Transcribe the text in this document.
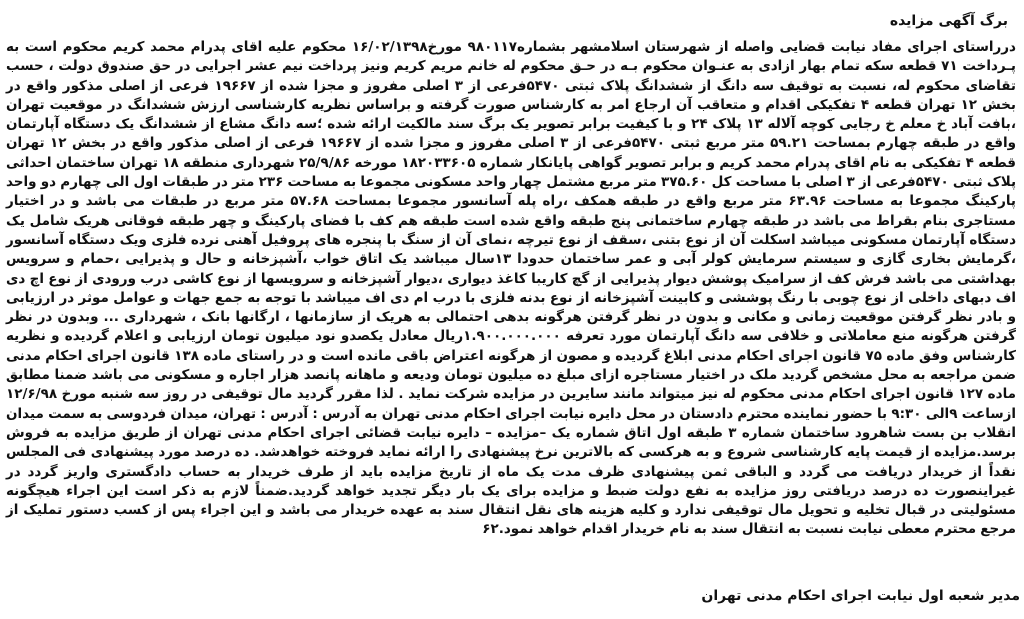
برگ آگهی مزایده

درراستای اجرای مفاد نیابت قضایی واصله از شهرستان اسلامشهر بشماره۹۸۰۱۱۷ مورخ۱۶/۰۲/۱۳۹۸ محکوم علیه اقای پدرام محمد کریم محکوم است به پـرداخت ۷۱ قطعه سکه تمام بهار ازادی به عنـوان محکوم بـه در حـق محکوم له خانم مریم کریم ونیز پرداخت نیم عشر اجرایی در حق صندوق دولت ، حسب تقاضای محکوم له، نسبت به توقیف سه دانگ از ششدانگ پلاک ثبتی ۵۴۷۰فرعی از ۳ اصلی مفروز و مجزا شده از ۱۹۶۶۷ فرعی از اصلی مذکور واقع در بخش ۱۲ تهران قطعه ۴ تفکیکی اقدام و متعاقب آن ارجاع امر به کارشناس صورت گرفته و براساس نظریه کارشناسی ارزش ششدانگ در موقعیت تهران ،بافت آباد خ معلم خ رجایی کوچه آلاله ۱۳ پلاک ۲۴ و با کیفیت برابر تصویر یک برگ سند مالکیت ارائه شده ؛سه دانگ مشاع از ششدانگ یک دستگاه آپارتمان واقع در طبقه چهارم بمساحت ۵۹.۲۱ متر مربع ثبتی ۵۴۷۰فرعی از ۳ اصلی مفروز و مجزا شده از ۱۹۶۶۷ فرعی از اصلی مذکور واقع در بخش ۱۲ تهران قطعه ۴ تفکیکی به نام اقای پدرام محمد کریم و برابر تصویر گواهی پایانکار شماره ۱۸۲۰۳۳۶۰۵ مورخه ۲۵/۹/۸۶ شهرداری منطقه ۱۸ تهران ساختمان احداثی پلاک ثبتی ۵۴۷۰فرعی از ۳ اصلی با مساحت کل ۳۷۵.۶۰ متر مربع مشتمل چهار واحد مسکونی مجموعا به مساحت ۲۳۶ متر در طبقات اول الی چهارم دو واحد پارکینگ مجموعا به مساحت ۶۳.۹۶ متر مربع واقع در طبقه همکف ،راه پله آسانسور مجموعا بمساحت ۵۷.۶۸ متر مربع در طبقات می باشد و در اختیار مستاجری بنام بقراط می باشد در طبقه چهارم ساختمانی پنج طبقه واقع شده است طبقه هم کف با فضای پارکینگ و چهر طبقه فوقانی هریک شامل یک دستگاه آپارتمان مسکونی میباشد اسکلت آن از نوع بتنی ،سقف از نوع تیرچه ،نمای آن از سنگ با پنجره های پروفیل آهنی نرده فلزی ویک دستگاه آسانسور ،گرمایش بخاری گازی و سیستم سرمایش کولر آبی و عمر ساختمان حدودا ۱۳سال میباشد یک اتاق خواب ،آشپزخانه و حال و پذیرایی ،حمام و سرویس بهداشتی می باشد فرش کف از سرامیک پوشش دیوار پذیرایی از گچ کاریبا کاغذ دیواری ،دیوار آشپزخانه و سرویسها از نوع کاشی درب ورودی از نوع اچ دی اف دبهای داخلی از نوع چوبی با رنگ پوششی و کابینت آشپزخانه از نوع بدنه فلزی با درب ام دی اف میباشد با توجه به جمع جهات و عوامل موثر در ارزیابی و بادر نظر گرفتن موقعیت زمانی و مکانی و بدون در نظر گرفتن هرگونه بدهی احتمالی به هریک از سازمانها ، ارگانها بانک ، شهرداری ... وبدون در نظر گرفتن هرگونه منع معاملاتی و خلافی سه دانگ آپارتمان مورد تعرفه ۱.۹۰۰.۰۰۰.۰۰۰ریال معادل یکصدو نود میلیون تومان ارزیابی و اعلام گردیده و نظریه کارشناس وفق ماده ۷۵ قانون اجرای احکام مدنی ابلاغ گردیده و مصون از هرگونه اعتراض باقی مانده است و در راستای ماده ۱۳۸ قانون اجرای احکام مدنی ضمن مراجعه به محل مشخص گردید ملک در اختیار مستاجره ازای مبلغ ده میلیون تومان ودیعه و ماهانه پانصد هزار اجاره و مسکونی می باشد ضمنا مطابق ماده ۱۲۷ قانون اجرای احکام مدنی محکوم له نیز میتواند مانند سایرین در مزایده شرکت نماید . لذا مقرر گردید مال توقیفی در روز سه شنبه مورخ ۱۲/۶/۹۸ ازساعت ۹الی ۹:۳۰ با حضور نماینده محترم دادستان در محل دایره نیابت اجرای احکام مدنی تهران به آدرس : آدرس : تهران، میدان فردوسی به سمت میدان انقلاب بن بست شاهرود ساختمان شماره ۳ طبقه اول اتاق شماره یک –مزایده – دایره نیابت قضائی اجرای احکام مدنی تهران از طریق مزایده به فروش برسد.مزایده از قیمت پایه کارشناسی شروع و به هرکسی که بالاترین نرخ پیشنهادی را ارائه نماید فروخته خواهدشد. ده درصد مورد پیشنهادی فی المجلس نقداً از خریدار دریافت می گردد و الباقی ثمن پیشنهادی ظرف مدت یک ماه از تاریخ مزایده باید از طرف خریدار به حساب دادگستری واریز گردد در غیراینصورت ده درصد دریافتی روز مزایده به نفع دولت ضبط و مزایده برای یک بار دیگر تجدید خواهد گردید.ضمناً لازم به ذکر است این اجراء هیچگونه مسئولیتی در قبال تخلیه و تحویل مال توقیفی ندارد و کلیه هزینه های نقل انتقال سند به عهده خریدار می باشد و این اجراء پس از کسب دستور تملیک از مرجع محترم معطی نیابت نسبت به انتقال سند به نام خریدار اقدام خواهد نمود.۶۲

مدیر شعبه اول نیابت اجرای احکام مدنی تهران
